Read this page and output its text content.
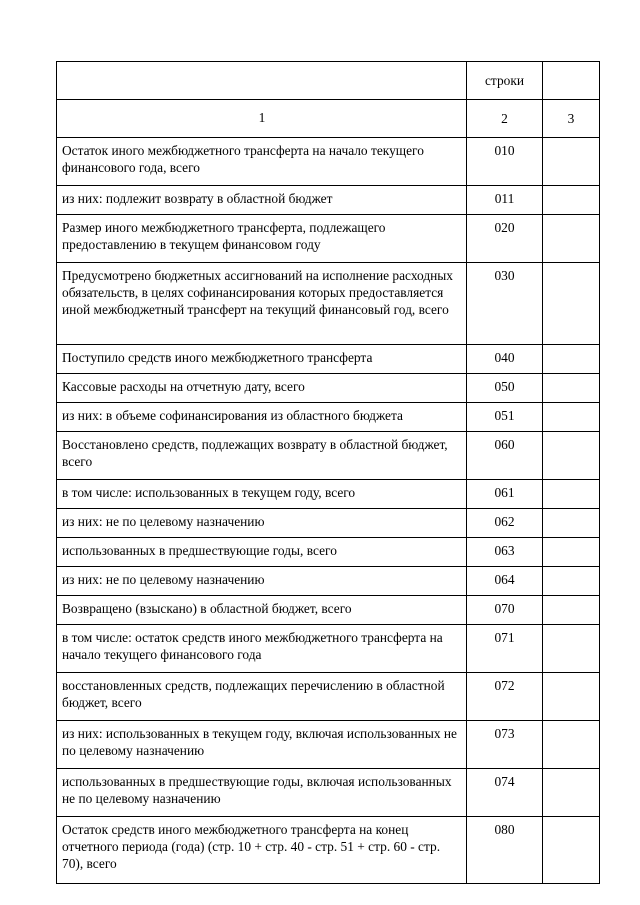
	строки	
1	2	3
Остаток иного межбюджетного трансферта на начало текущего финансового года, всего	010	
из них: подлежит возврату в областной бюджет	011	
Размер иного межбюджетного трансферта, подлежащего предоставлению в текущем финансовом году	020	
Предусмотрено бюджетных ассигнований на исполнение расходных обязательств, в целях софинансирования которых предоставляется иной межбюджетный трансферт на текущий финансовый год, всего	030	
Поступило средств иного межбюджетного трансферта	040	
Кассовые расходы на отчетную дату, всего	050	
из них: в объеме софинансирования из областного бюджета	051	
Восстановлено средств, подлежащих возврату в областной бюджет, всего	060	
в том числе: использованных в текущем году, всего	061	
из них: не по целевому назначению	062	
использованных в предшествующие годы, всего	063	
из них: не по целевому назначению	064	
Возвращено (взыскано) в областной бюджет, всего	070	
в том числе: остаток средств иного межбюджетного трансферта на начало текущего финансового года	071	
восстановленных средств, подлежащих перечислению в областной бюджет, всего	072	
из них: использованных в текущем году, включая использованных не по целевому назначению	073	
использованных в предшествующие годы, включая использованных не по целевому назначению	074	
Остаток средств иного межбюджетного трансферта на конец отчетного периода (года) (стр. 10 + стр. 40 - стр. 51 + стр. 60 - стр. 70), всего	080	
